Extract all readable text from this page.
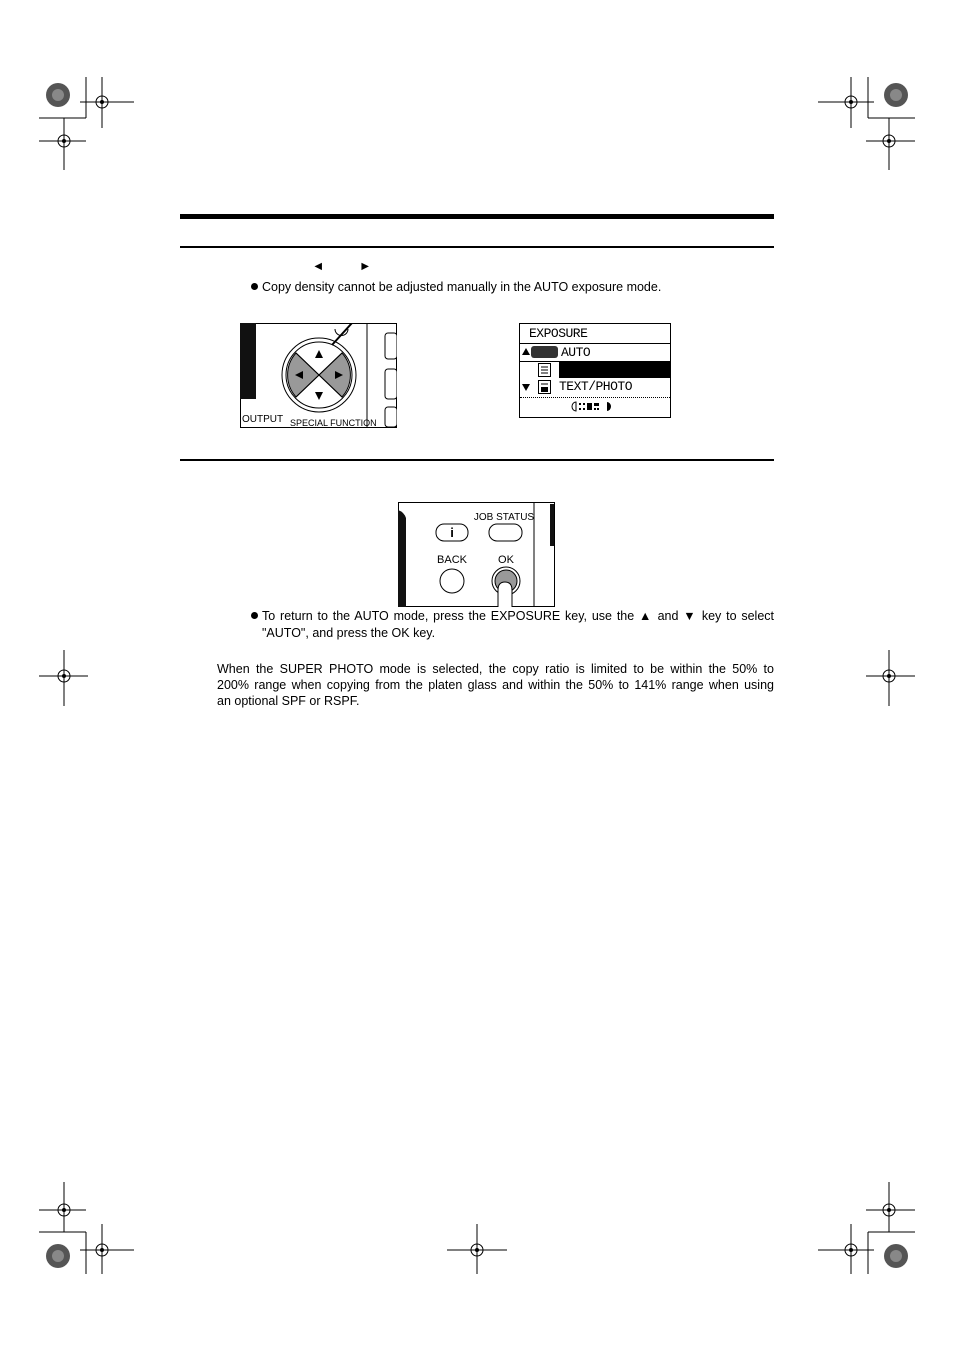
◄	►
Copy density cannot be adjusted manually in the AUTO exposure mode.
OUTPUT SPECIAL FUNCTION
EXPOSURE
AUTO
TEXT/PHOTO
i
JOB STATUS
BACK	OK
To return to the AUTO mode, press the EXPOSURE key, use the ▲ and ▼ key to select
"AUTO", and press the OK key.
When the SUPER PHOTO mode is selected, the copy ratio is limited to be within the 50% to
200% range when copying from the platen glass and within the 50% to 141% range when using
an optional SPF or RSPF.
